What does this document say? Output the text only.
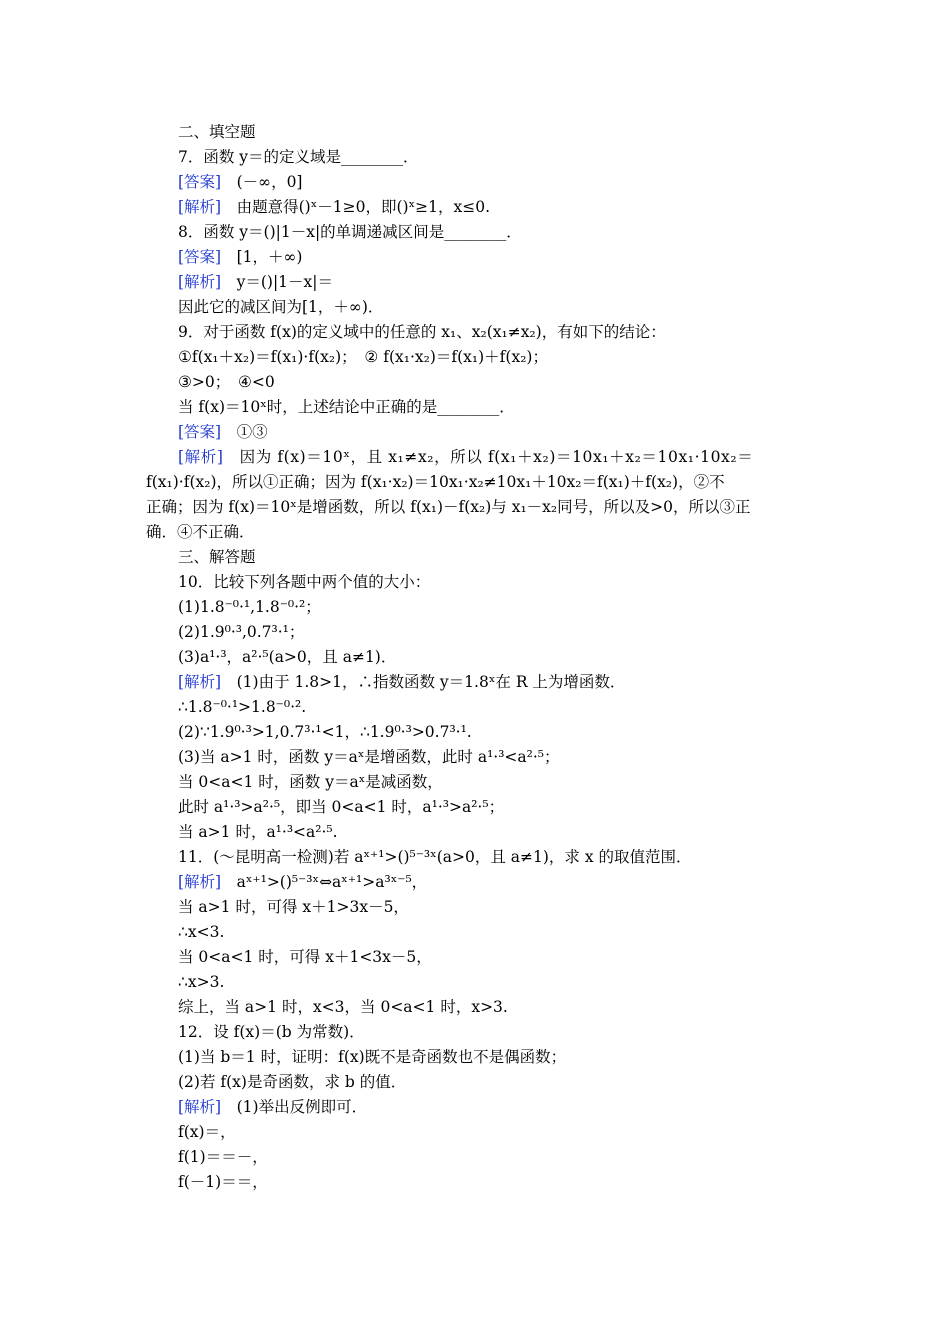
二、填空题
7．函数 y＝的定义域是________．
[答案]　(－∞，0]
[解析]　由题意得()ˣ－1≥0，即()ˣ≥1，x≤0.
8．函数 y＝()|1－x|的单调递减区间是________．
[答案]　[1，＋∞)
[解析]　y＝()|1－x|＝
因此它的减区间为[1，＋∞)．
9．对于函数 f(x)的定义域中的任意的 x₁、x₂(x₁≠x₂)，有如下的结论：
①f(x₁＋x₂)＝f(x₁)·f(x₂)；　② f(x₁·x₂)＝f(x₁)＋f(x₂)；
③>0；　④<0
当 f(x)＝10ˣ时，上述结论中正确的是________．
[答案]　①③
[解析]　因为 f(x)＝10ˣ，且 x₁≠x₂，所以 f(x₁＋x₂)＝10x₁＋x₂＝10x₁·10x₂＝
f(x₁)·f(x₂)，所以①正确；因为 f(x₁·x₂)＝10x₁·x₂≠10x₁＋10x₂＝f(x₁)＋f(x₂)，②不
正确；因为 f(x)＝10ˣ是增函数，所以 f(x₁)－f(x₂)与 x₁－x₂同号，所以及>0，所以③正
确．④不正确．
三、解答题
10．比较下列各题中两个值的大小：
(1)1.8⁻⁰·¹,1.8⁻⁰·²；
(2)1.9⁰·³,0.7³·¹；
(3)a¹·³，a²·⁵(a>0，且 a≠1)．
[解析]　(1)由于 1.8>1，∴指数函数 y＝1.8ˣ在 R 上为增函数．
∴1.8⁻⁰·¹>1.8⁻⁰·².
(2)∵1.9⁰·³>1,0.7³·¹<1，∴1.9⁰·³>0.7³·¹.
(3)当 a>1 时，函数 y＝aˣ是增函数，此时 a¹·³<a²·⁵；
当 0<a<1 时，函数 y＝aˣ是减函数，
此时 a¹·³>a²·⁵，即当 0<a<1 时，a¹·³>a²·⁵；
当 a>1 时，a¹·³<a²·⁵.
11．(～昆明高一检测)若 aˣ⁺¹>()⁵⁻³ˣ(a>0，且 a≠1)，求 x 的取值范围．
[解析]　aˣ⁺¹>()⁵⁻³ˣ⇔aˣ⁺¹>a³ˣ⁻⁵，
当 a>1 时，可得 x＋1>3x－5，
∴x<3.
当 0<a<1 时，可得 x＋1<3x－5，
∴x>3.
综上，当 a>1 时，x<3，当 0<a<1 时，x>3.
12．设 f(x)＝(b 为常数)．
(1)当 b＝1 时，证明：f(x)既不是奇函数也不是偶函数；
(2)若 f(x)是奇函数，求 b 的值．
[解析]　(1)举出反例即可．
f(x)＝，
f(1)＝＝－，
f(－1)＝＝，
